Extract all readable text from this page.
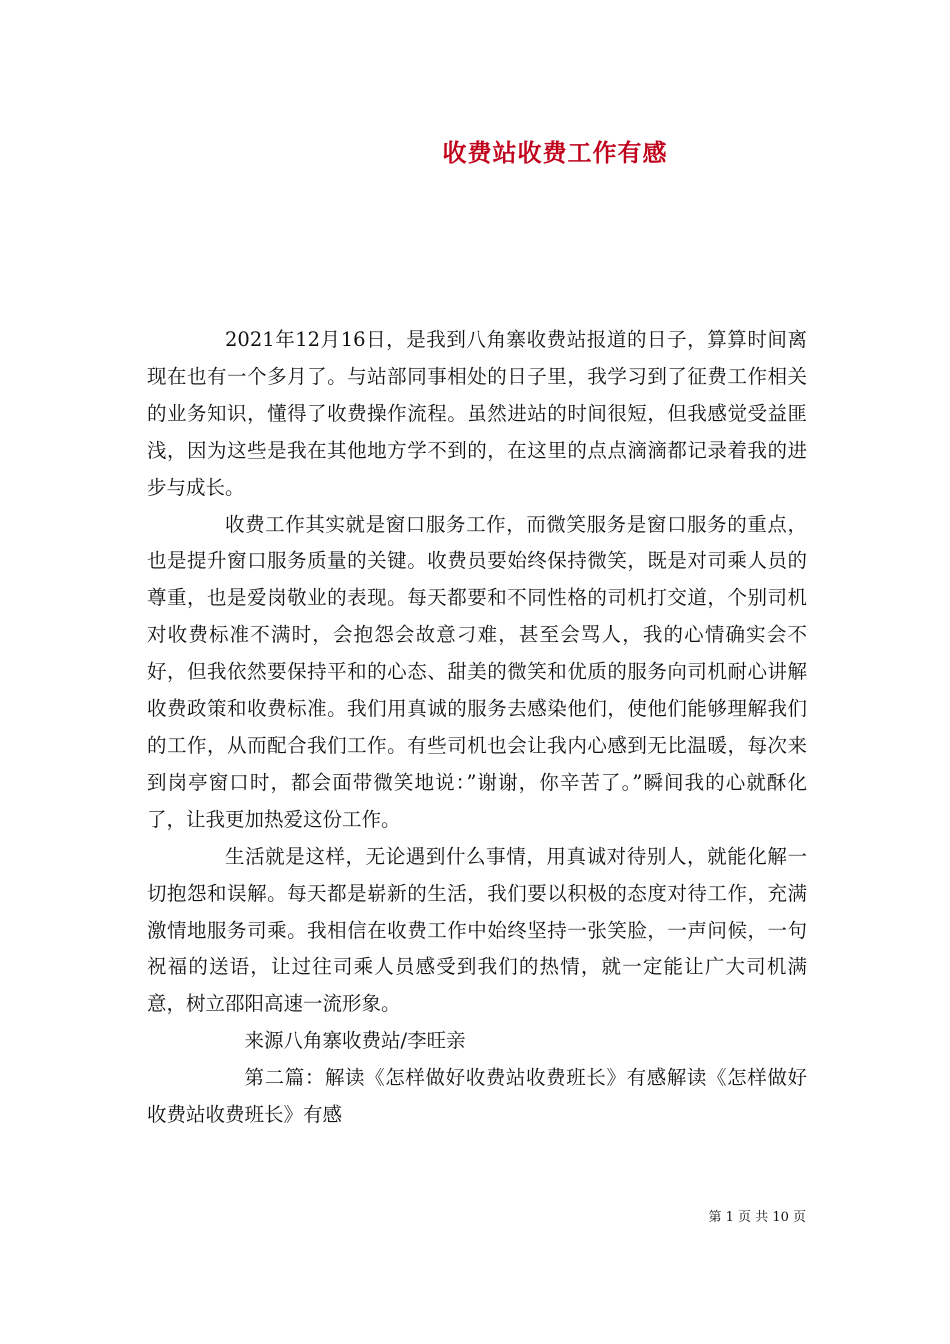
收费站收费工作有感

2021年12月16日，是我到八角寨收费站报道的日子，算算时间离现在也有一个多月了。与站部同事相处的日子里，我学习到了征费工作相关的业务知识，懂得了收费操作流程。虽然进站的时间很短，但我感觉受益匪浅，因为这些是我在其他地方学不到的，在这里的点点滴滴都记录着我的进步与成长。

收费工作其实就是窗口服务工作，而微笑服务是窗口服务的重点，也是提升窗口服务质量的关键。收费员要始终保持微笑，既是对司乘人员的尊重，也是爱岗敬业的表现。每天都要和不同性格的司机打交道，个别司机对收费标准不满时，会抱怨会故意刁难，甚至会骂人，我的心情确实会不好，但我依然要保持平和的心态、甜美的微笑和优质的服务向司机耐心讲解收费政策和收费标准。我们用真诚的服务去感染他们，使他们能够理解我们的工作，从而配合我们工作。有些司机也会让我内心感到无比温暖，每次来到岗亭窗口时，都会面带微笑地说：”谢谢，你辛苦了。”瞬间我的心就酥化了，让我更加热爱这份工作。

生活就是这样，无论遇到什么事情，用真诚对待别人，就能化解一切抱怨和误解。每天都是崭新的生活，我们要以积极的态度对待工作，充满激情地服务司乘。我相信在收费工作中始终坚持一张笑脸，一声问候，一句祝福的送语，让过往司乘人员感受到我们的热情，就一定能让广大司机满意，树立邵阳高速一流形象。

来源八角寨收费站/李旺亲

第二篇：解读《怎样做好收费站收费班长》有感解读《怎样做好收费站收费班长》有感

第 1 页 共 10 页
